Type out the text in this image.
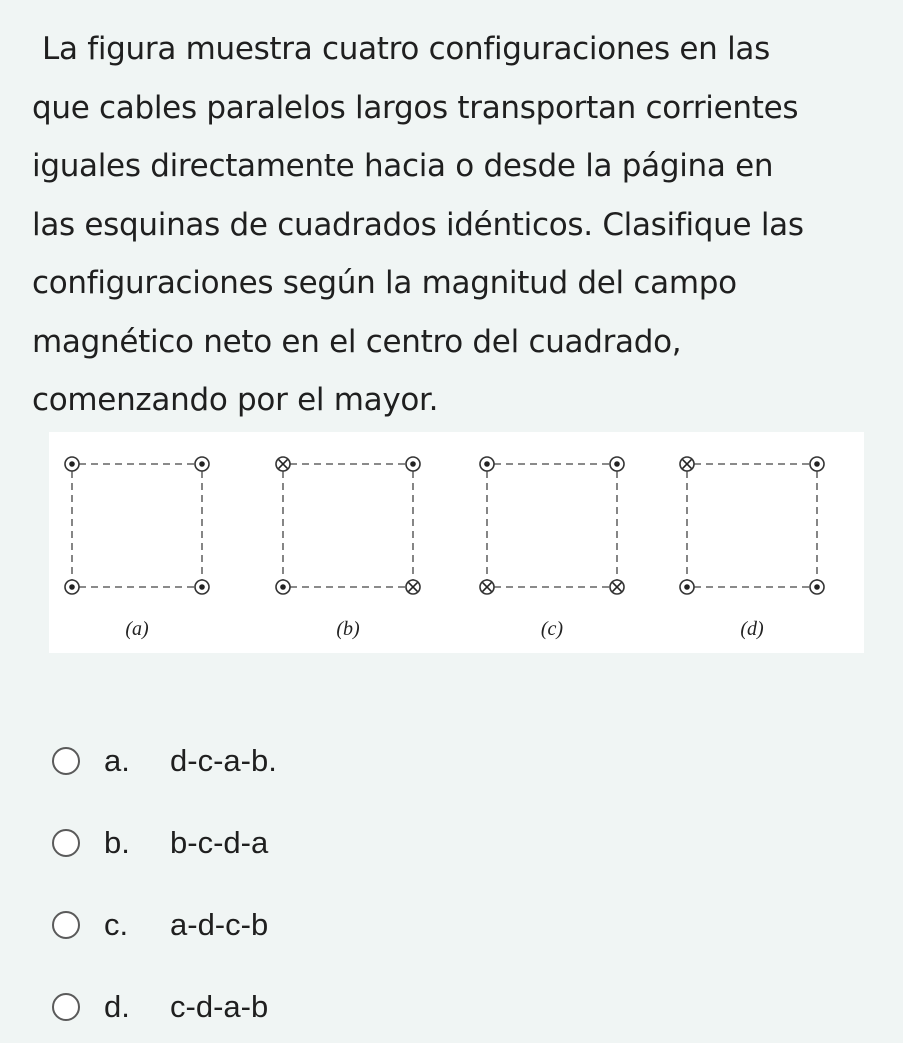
La figura muestra cuatro configuraciones en las
que cables paralelos largos transportan corrientes
iguales directamente hacia o desde la página en
las esquinas de cuadrados idénticos. Clasifique las
configuraciones según la magnitud del campo
magnético neto en el centro del cuadrado,
comenzando por el mayor.

(a)	(b)	(c)	(d)
a.	d-c-a-b.
b.	b-c-d-a
c.	a-d-c-b
d.	c-d-a-b
